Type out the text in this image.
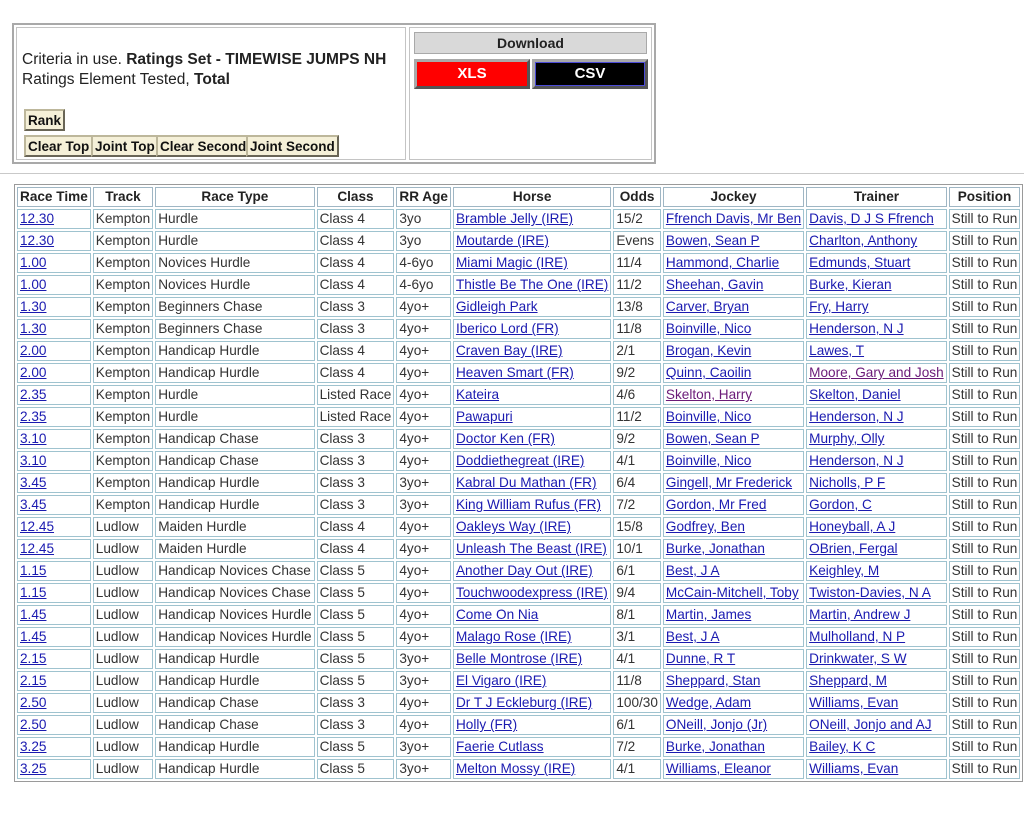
Criteria in use. Ratings Set - TIMEWISE JUMPS NH
Ratings Element Tested, Total
Rank
Clear Top Joint Top Clear Second Joint Second
Download
XLS	CSV
Race Time	Track	Race Type	Class	RR Age	Horse	Odds	Jockey	Trainer	Position
12.30	Kempton	Hurdle	Class 4	3yo	Bramble Jelly (IRE)	15/2	Ffrench Davis, Mr Ben	Davis, D J S Ffrench	Still to Run
12.30	Kempton	Hurdle	Class 4	3yo	Moutarde (IRE)	Evens	Bowen, Sean P	Charlton, Anthony	Still to Run
1.00	Kempton	Novices Hurdle	Class 4	4-6yo	Miami Magic (IRE)	11/4	Hammond, Charlie	Edmunds, Stuart	Still to Run
1.00	Kempton	Novices Hurdle	Class 4	4-6yo	Thistle Be The One (IRE)	11/2	Sheehan, Gavin	Burke, Kieran	Still to Run
1.30	Kempton	Beginners Chase	Class 3	4yo+	Gidleigh Park	13/8	Carver, Bryan	Fry, Harry	Still to Run
1.30	Kempton	Beginners Chase	Class 3	4yo+	Iberico Lord (FR)	11/8	Boinville, Nico	Henderson, N J	Still to Run
2.00	Kempton	Handicap Hurdle	Class 4	4yo+	Craven Bay (IRE)	2/1	Brogan, Kevin	Lawes, T	Still to Run
2.00	Kempton	Handicap Hurdle	Class 4	4yo+	Heaven Smart (FR)	9/2	Quinn, Caoilin	Moore, Gary and Josh	Still to Run
2.35	Kempton	Hurdle	Listed Race	4yo+	Kateira	4/6	Skelton, Harry	Skelton, Daniel	Still to Run
2.35	Kempton	Hurdle	Listed Race	4yo+	Pawapuri	11/2	Boinville, Nico	Henderson, N J	Still to Run
3.10	Kempton	Handicap Chase	Class 3	4yo+	Doctor Ken (FR)	9/2	Bowen, Sean P	Murphy, Olly	Still to Run
3.10	Kempton	Handicap Chase	Class 3	4yo+	Doddiethegreat (IRE)	4/1	Boinville, Nico	Henderson, N J	Still to Run
3.45	Kempton	Handicap Hurdle	Class 3	3yo+	Kabral Du Mathan (FR)	6/4	Gingell, Mr Frederick	Nicholls, P F	Still to Run
3.45	Kempton	Handicap Hurdle	Class 3	3yo+	King William Rufus (FR)	7/2	Gordon, Mr Fred	Gordon, C	Still to Run
12.45	Ludlow	Maiden Hurdle	Class 4	4yo+	Oakleys Way (IRE)	15/8	Godfrey, Ben	Honeyball, A J	Still to Run
12.45	Ludlow	Maiden Hurdle	Class 4	4yo+	Unleash The Beast (IRE)	10/1	Burke, Jonathan	OBrien, Fergal	Still to Run
1.15	Ludlow	Handicap Novices Chase	Class 5	4yo+	Another Day Out (IRE)	6/1	Best, J A	Keighley, M	Still to Run
1.15	Ludlow	Handicap Novices Chase	Class 5	4yo+	Touchwoodexpress (IRE)	9/4	McCain-Mitchell, Toby	Twiston-Davies, N A	Still to Run
1.45	Ludlow	Handicap Novices Hurdle	Class 5	4yo+	Come On Nia	8/1	Martin, James	Martin, Andrew J	Still to Run
1.45	Ludlow	Handicap Novices Hurdle	Class 5	4yo+	Malago Rose (IRE)	3/1	Best, J A	Mulholland, N P	Still to Run
2.15	Ludlow	Handicap Hurdle	Class 5	3yo+	Belle Montrose (IRE)	4/1	Dunne, R T	Drinkwater, S W	Still to Run
2.15	Ludlow	Handicap Hurdle	Class 5	3yo+	El Vigaro (IRE)	11/8	Sheppard, Stan	Sheppard, M	Still to Run
2.50	Ludlow	Handicap Chase	Class 3	4yo+	Dr T J Eckleburg (IRE)	100/30	Wedge, Adam	Williams, Evan	Still to Run
2.50	Ludlow	Handicap Chase	Class 3	4yo+	Holly (FR)	6/1	ONeill, Jonjo (Jr)	ONeill, Jonjo and AJ	Still to Run
3.25	Ludlow	Handicap Hurdle	Class 5	3yo+	Faerie Cutlass	7/2	Burke, Jonathan	Bailey, K C	Still to Run
3.25	Ludlow	Handicap Hurdle	Class 5	3yo+	Melton Mossy (IRE)	4/1	Williams, Eleanor	Williams, Evan	Still to Run
